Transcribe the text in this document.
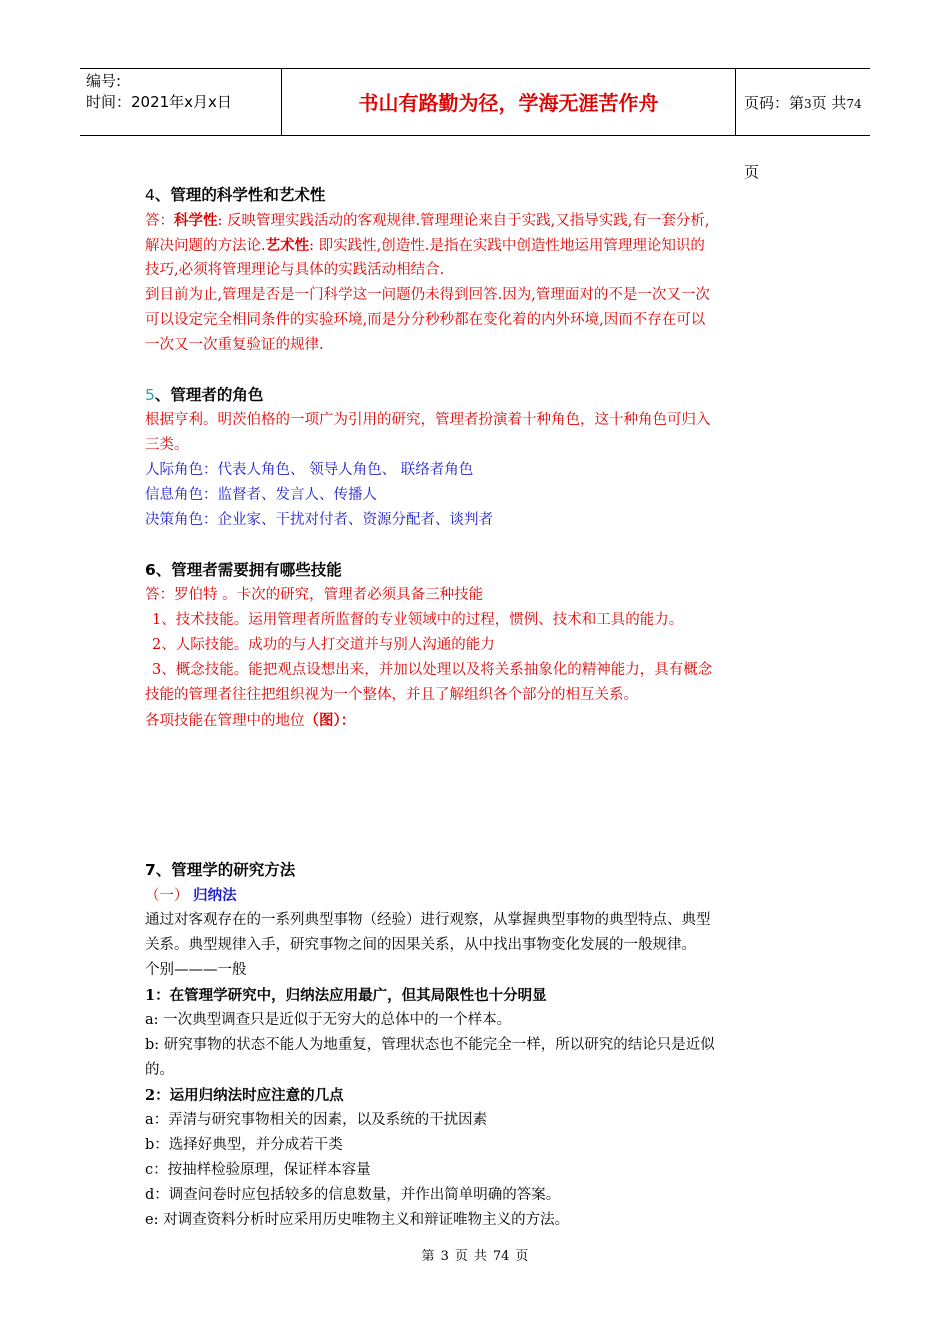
编号:
时间：2021年x月x日	书山有路勤为径，学海无涯苦作舟	页码：第3页 共74页
4、管理的科学性和艺术性
答：科学性: 反映管理实践活动的客观规律.管理理论来自于实践,又指导实践,有一套分析,
解决问题的方法论.艺术性: 即实践性,创造性.是指在实践中创造性地运用管理理论知识的
技巧,必须将管理理论与具体的实践活动相结合.
到目前为止,管理是否是一门科学这一问题仍未得到回答.因为,管理面对的不是一次又一次
可以设定完全相同条件的实验环境,而是分分秒秒都在变化着的内外环境,因而不存在可以
一次又一次重复验证的规律.
5、管理者的角色
根据亨利。明茨伯格的一项广为引用的研究，管理者扮演着十种角色，这十种角色可归入
三类。
人际角色：代表人角色、 领导人角色、 联络者角色
信息角色：监督者、发言人、传播人
决策角色：企业家、干扰对付者、资源分配者、谈判者
6、管理者需要拥有哪些技能
答：罗伯特 。卡次的研究，管理者必须具备三种技能
1、技术技能。运用管理者所监督的专业领域中的过程，惯例、技术和工具的能力。
2、人际技能。成功的与人打交道并与别人沟通的能力
3、概念技能。能把观点设想出来，并加以处理以及将关系抽象化的精神能力，具有概念
技能的管理者往往把组织视为一个整体，并且了解组织各个部分的相互关系。
各项技能在管理中的地位（图）：
7、管理学的研究方法
（一） 归纳法
通过对客观存在的一系列典型事物（经验）进行观察，从掌握典型事物的典型特点、典型
关系。典型规律入手，研究事物之间的因果关系，从中找出事物变化发展的一般规律。
个别———一般
1：在管理学研究中，归纳法应用最广，但其局限性也十分明显
a: 一次典型调查只是近似于无穷大的总体中的一个样本。
b: 研究事物的状态不能人为地重复，管理状态也不能完全一样，所以研究的结论只是近似
的。
2：运用归纳法时应注意的几点
a：弄清与研究事物相关的因素，以及系统的干扰因素
b：选择好典型，并分成若干类
c：按抽样检验原理，保证样本容量
d：调查问卷时应包括较多的信息数量，并作出简单明确的答案。
e: 对调查资料分析时应采用历史唯物主义和辩证唯物主义的方法。
第 3 页 共 74 页
